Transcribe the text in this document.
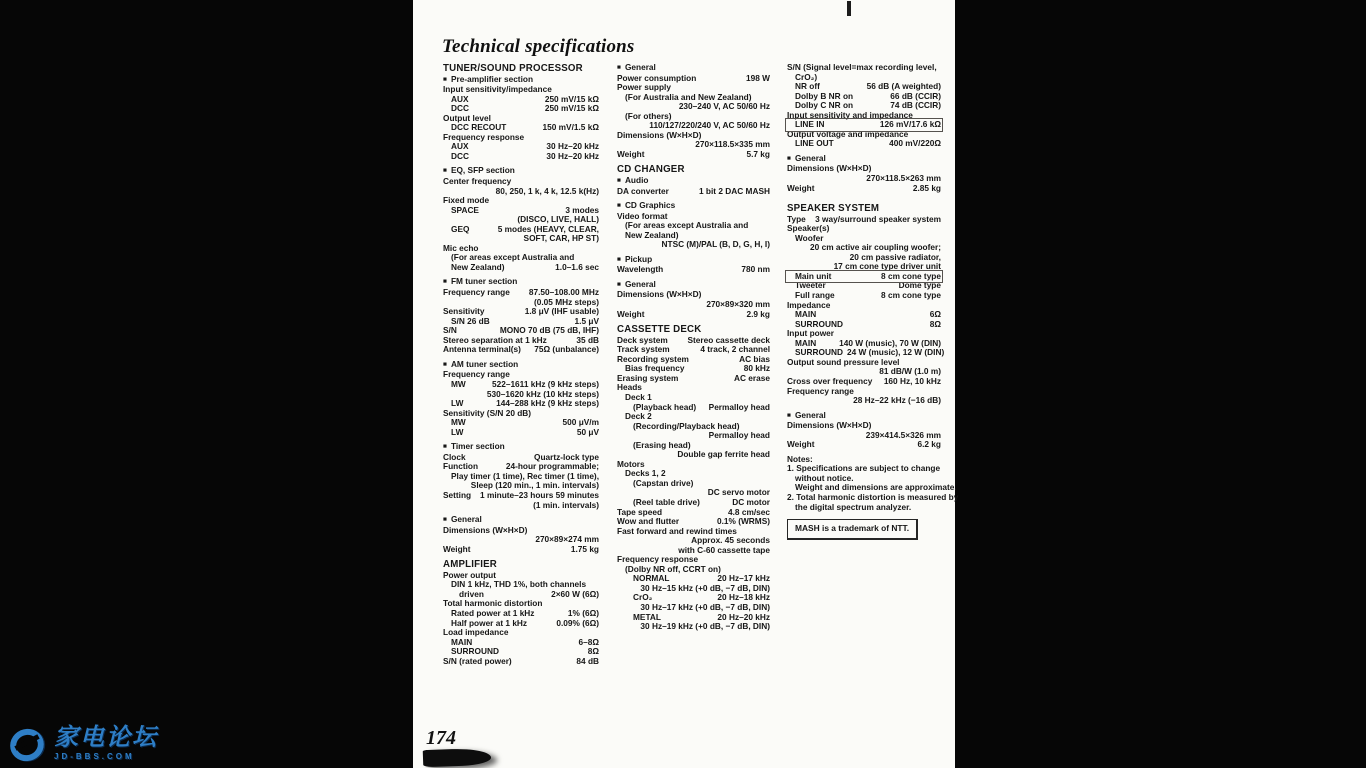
Technical specifications
TUNER/SOUND PROCESSOR
■ Pre-amplifier section
Input sensitivity/impedance
AUX	250 mV/15 kΩ
DCC	250 mV/15 kΩ
Output level
DCC RECOUT	150 mV/1.5 kΩ
Frequency response
AUX	30 Hz–20 kHz
DCC	30 Hz–20 kHz
■ EQ, SFP section
Center frequency
80, 250, 1 k, 4 k, 12.5 k(Hz)
Fixed mode
SPACE	3 modes
(DISCO, LIVE, HALL)
GEQ	5 modes (HEAVY, CLEAR,
SOFT, CAR, HP ST)
Mic echo
(For areas except Australia and
New Zealand)	1.0–1.6 sec
■ FM tuner section
Frequency range 87.50–108.00 MHz
(0.05 MHz steps)
Sensitivity	1.8 μV (IHF usable)
S/N 26 dB	1.5 μV
S/N	MONO 70 dB (75 dB, IHF)
Stereo separation at 1 kHz	35 dB
Antenna terminal(s) 75Ω (unbalance)
■ AM tuner section
Frequency range
MW	522–1611 kHz (9 kHz steps)
530–1620 kHz (10 kHz steps)
LW	144–288 kHz (9 kHz steps)
Sensitivity (S/N 20 dB)
MW	500 μV/m
LW	50 μV
■ Timer section
Clock	Quartz-lock type
Function	24-hour programmable;
Play timer (1 time), Rec timer (1 time),
Sleep (120 min., 1 min. intervals)
Setting 1 minute–23 hours 59 minutes
(1 min. intervals)
■ General
Dimensions (W×H×D)
270×89×274 mm
Weight	1.75 kg
AMPLIFIER
Power output
DIN 1 kHz, THD 1%, both channels
driven	2×60 W (6Ω)
Total harmonic distortion
Rated power at 1 kHz	1% (6Ω)
Half power at 1 kHz	0.09% (6Ω)
Load impedance
MAIN	6–8Ω
SURROUND	8Ω
S/N (rated power)	84 dB
■ General
Power consumption	198 W
Power supply
(For Australia and New Zealand)
230–240 V, AC 50/60 Hz
(For others)
110/127/220/240 V, AC 50/60 Hz
Dimensions (W×H×D)
270×118.5×335 mm
Weight	5.7 kg
CD CHANGER
■ Audio
DA converter	1 bit 2 DAC MASH
■ CD Graphics
Video format
(For areas except Australia and
New Zealand)
NTSC (M)/PAL (B, D, G, H, I)
■ Pickup
Wavelength	780 nm
■ General
Dimensions (W×H×D)
270×89×320 mm
Weight	2.9 kg
CASSETTE DECK
Deck system Stereo cassette deck
Track system	4 track, 2 channel
Recording system	AC bias
Bias frequency	80 kHz
Erasing system	AC erase
Heads
Deck 1
(Playback head) Permalloy head
Deck 2
(Recording/Playback head)
Permalloy head
(Erasing head)
Double gap ferrite head
Motors
Decks 1, 2
(Capstan drive)
DC servo motor
(Reel table drive)	DC motor
Tape speed	4.8 cm/sec
Wow and flutter	0.1% (WRMS)
Fast forward and rewind times
Approx. 45 seconds
with C-60 cassette tape
Frequency response
(Dolby NR off, CCRT on)
NORMAL	20 Hz–17 kHz
30 Hz–15 kHz (+0 dB, −7 dB, DIN)
CrO₂	20 Hz–18 kHz
30 Hz–17 kHz (+0 dB, −7 dB, DIN)
METAL	20 Hz–20 kHz
30 Hz–19 kHz (+0 dB, −7 dB, DIN)
S/N (Signal level=max recording level,
CrO₂)
NR off	56 dB (A weighted)
Dolby B NR on	66 dB (CCIR)
Dolby C NR on	74 dB (CCIR)
Input sensitivity and impedance
LINE IN	126 mV/17.6 kΩ
Output voltage and impedance
LINE OUT	400 mV/220Ω
■ General
Dimensions (W×H×D)
270×118.5×263 mm
Weight	2.85 kg
SPEAKER SYSTEM
Type 3 way/surround speaker system
Speaker(s)
Woofer
20 cm active air coupling woofer;
20 cm passive radiator,
17 cm cone type driver unit
Main unit	8 cm cone type
Tweeter	Dome type
Full range	8 cm cone type
Impedance
MAIN	6Ω
SURROUND	8Ω
Input power
MAIN	140 W (music), 70 W (DIN)
SURROUND 24 W (music), 12 W (DIN)
Output sound pressure level
81 dB/W (1.0 m)
Cross over frequency 160 Hz, 10 kHz
Frequency range
28 Hz–22 kHz (−16 dB)
■ General
Dimensions (W×H×D)
239×414.5×326 mm
Weight	6.2 kg
Notes:
1. Specifications are subject to change
without notice.
Weight and dimensions are approximate.
2. Total harmonic distortion is measured by
the digital spectrum analyzer.
MASH is a trademark of NTT.
174
家电论坛
JD-BBS.COM
